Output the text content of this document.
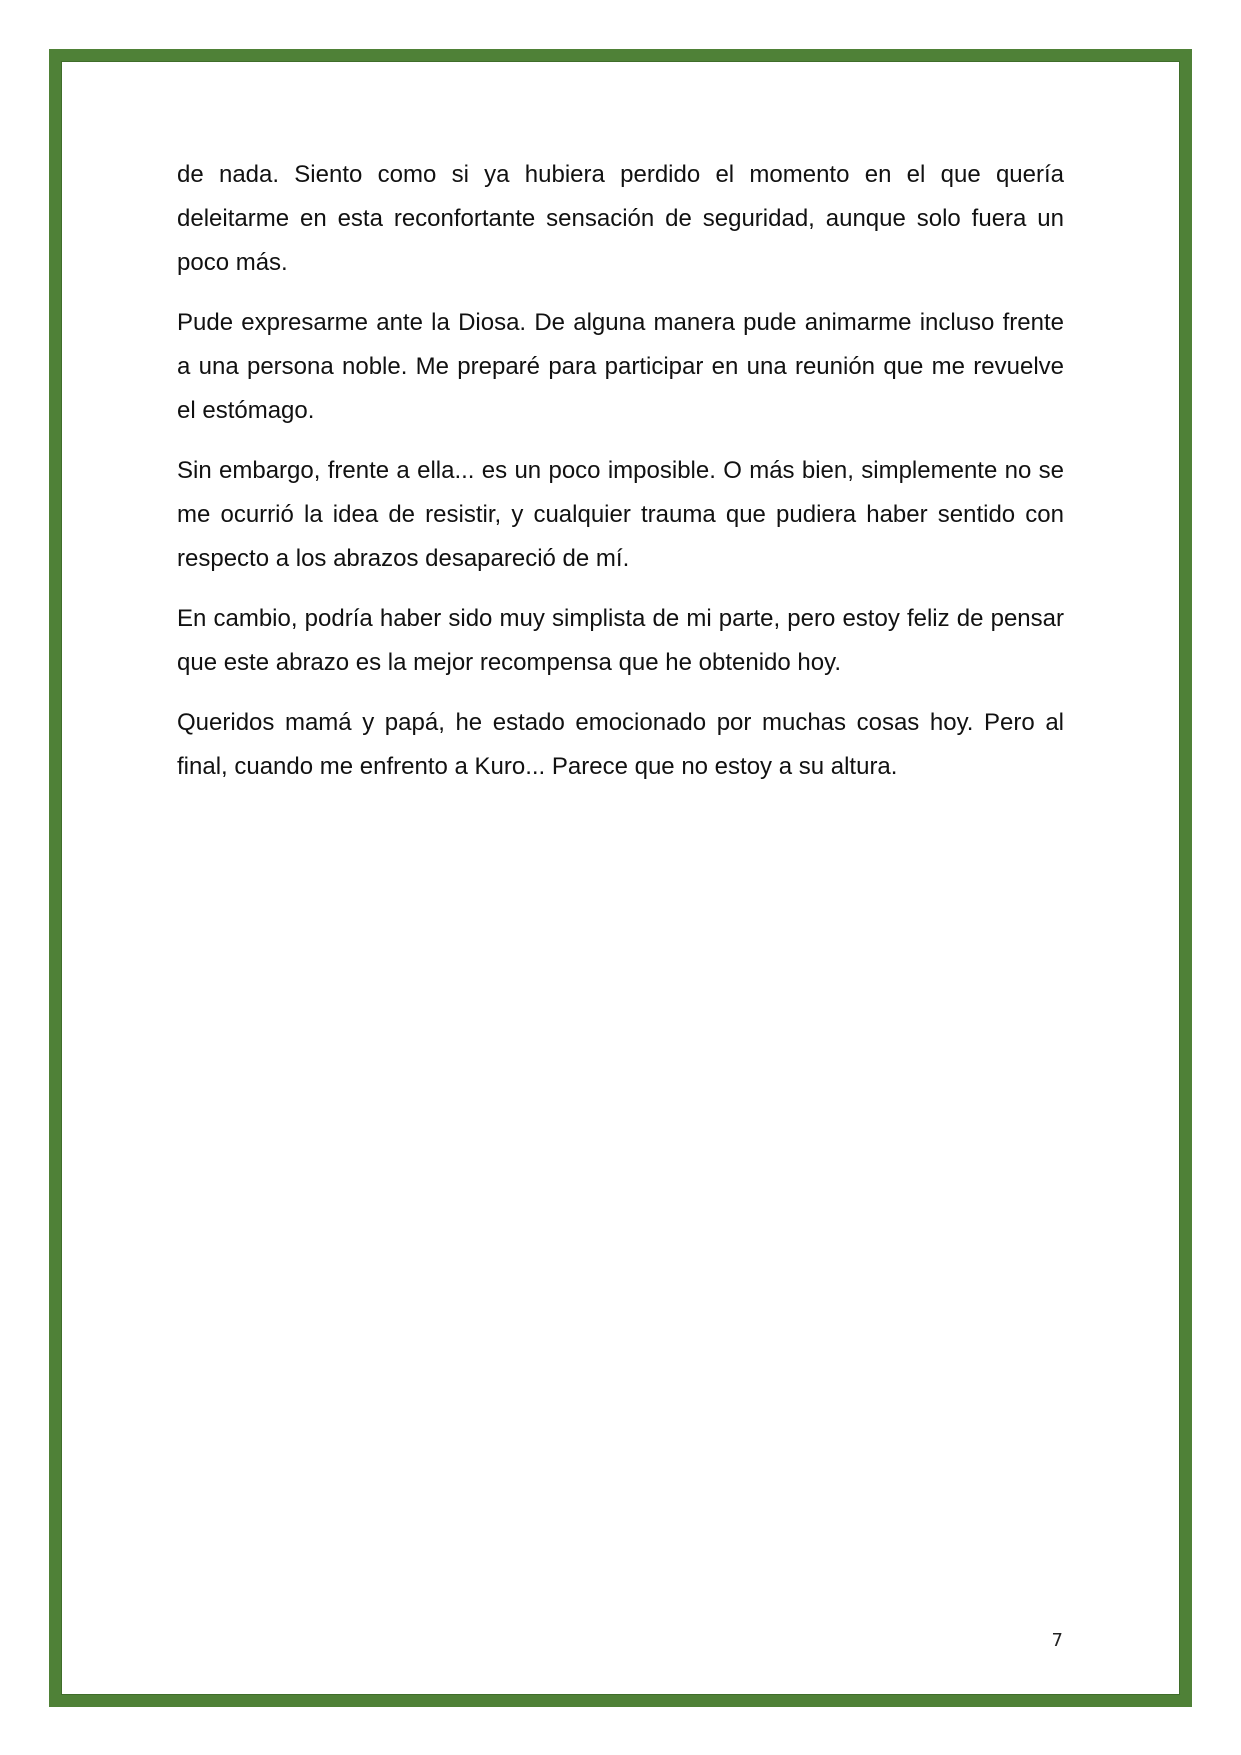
de nada. Siento como si ya hubiera perdido el momento en el que quería deleitarme en esta reconfortante sensación de seguridad, aunque solo fuera un poco más.

Pude expresarme ante la Diosa. De alguna manera pude animarme incluso frente a una persona noble. Me preparé para participar en una reunión que me revuelve el estómago.

Sin embargo, frente a ella... es un poco imposible. O más bien, simplemente no se me ocurrió la idea de resistir, y cualquier trauma que pudiera haber sentido con respecto a los abrazos desapareció de mí.

En cambio, podría haber sido muy simplista de mi parte, pero estoy feliz de pensar que este abrazo es la mejor recompensa que he obtenido hoy.

Queridos mamá y papá, he estado emocionado por muchas cosas hoy. Pero al final, cuando me enfrento a Kuro... Parece que no estoy a su altura.

7
